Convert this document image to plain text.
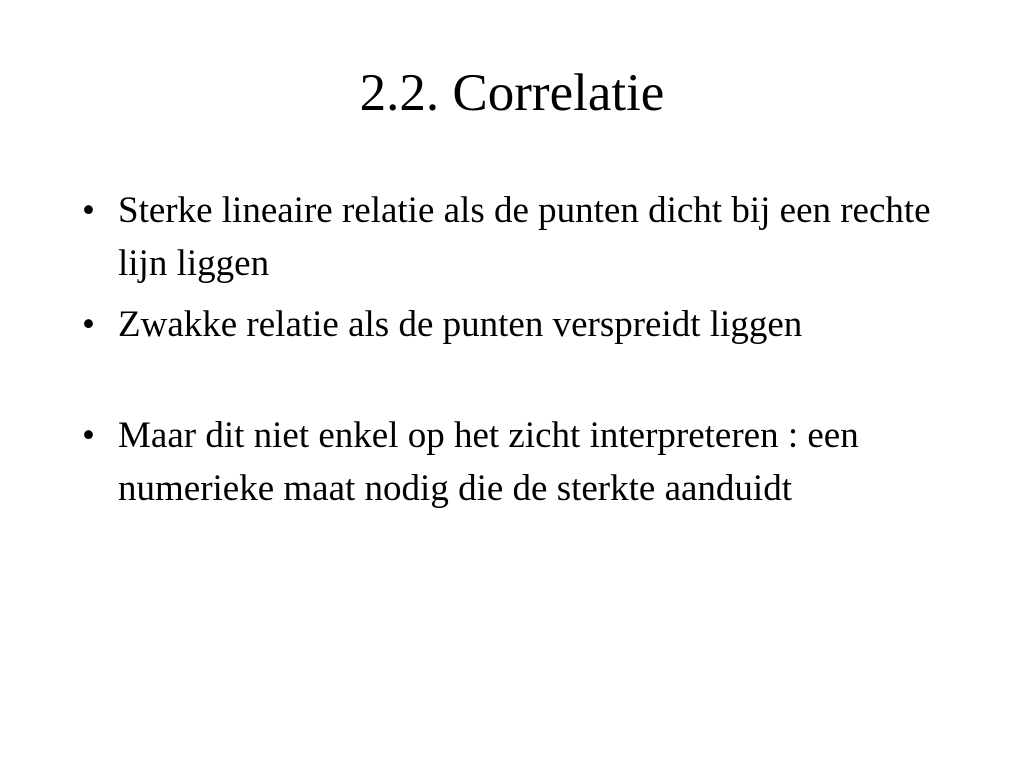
2.2. Correlatie
• Sterke lineaire relatie als de punten dicht bij een rechte lijn liggen
• Zwakke relatie als de punten verspreidt liggen
• Maar dit niet enkel op het zicht interpreteren : een numerieke maat nodig die de sterkte aanduidt
